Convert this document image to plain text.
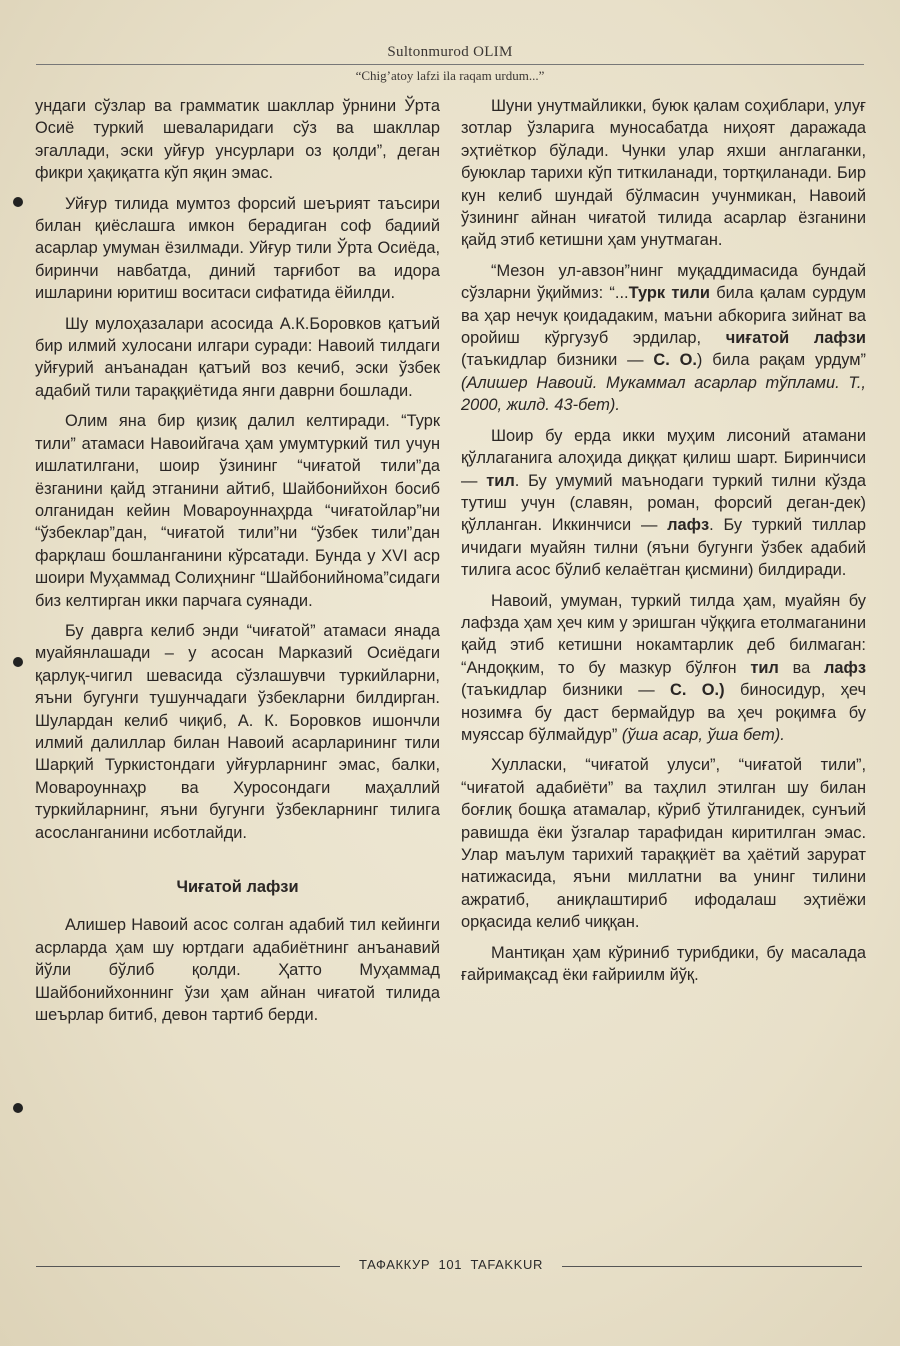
Sultonmurod OLIM
“Chig’atoy lafzi ila raqam urdum...”

ундаги сўзлар ва грамматик шакллар ўрнини Ўрта Осиё туркий шеваларидаги сўз ва шакллар эгаллади, эски уйғур унсурлари оз қолди”, деган фикри ҳақиқатга кўп яқин эмас.

Уйғур тилида мумтоз форсий шеърият таъсири билан қиёслашга имкон берадиган соф бадиий асарлар умуман ёзилмади. Уйғур тили Ўрта Осиёда, биринчи навбатда, диний тарғибот ва идора ишларини юритиш воситаси сифатида ёйилди.

Шу мулоҳазалари асосида А.К.Боровков қатъий бир илмий хулосани илгари суради: Навоий тилдаги уйғурий анъанадан қатъий воз кечиб, эски ўзбек адабий тили тараққиётида янги даврни бошлади.

Олим яна бир қизиқ далил келтиради. “Турк тили” атамаси Навоийгача ҳам умумтуркий тил учун ишлатилгани, шоир ўзининг “чиғатой тили”да ёзганини қайд этганини айтиб, Шайбонийхон босиб олганидан кейин Мовароуннаҳрда “чиғатойлар”ни “ўзбеклар”дан, “чиғатой тили”ни “ўзбек тили”дан фарқлаш бошланганини кўрсатади. Бунда у XVI аср шоири Муҳаммад Солиҳнинг “Шайбонийнома”сидаги биз келтирган икки парчага суянади.

Бу даврга келиб энди “чиғатой” атамаси янада муайянлашади – у асосан Марказий Осиёдаги қарлуқ-чигил шевасида сўзлашувчи туркийларни, яъни бугунги тушунчадаги ўзбекларни билдирган. Шулардан келиб чиқиб, А. К. Боровков ишончли илмий далиллар билан Навоий асарларининг тили Шарқий Туркистондаги уйғурларнинг эмас, балки, Мовароуннаҳр ва Хуросондаги маҳаллий туркийларнинг, яъни бугунги ўзбекларнинг тилига асосланганини исботлайди.

Чиғатой лафзи

Алишер Навоий асос солган адабий тил кейинги асрларда ҳам шу юртдаги адабиётнинг анъанавий йўли бўлиб қолди. Ҳатто Муҳаммад Шайбонийхоннинг ўзи ҳам айнан чиғатой тилида шеърлар битиб, девон тартиб берди.

Шуни унутмайликки, буюк қалам соҳиблари, улуғ зотлар ўзларига муносабатда ниҳоят даражада эҳтиёткор бўлади. Чунки улар яхши англаганки, буюклар тарихи кўп титкиланади, тортқиланади. Бир кун келиб шундай бўлмасин учунмикан, Навоий ўзининг айнан чиғатой тилида асарлар ёзганини қайд этиб кетишни ҳам унутмаган.

“Мезон ул-авзон”нинг муқаддимасида бундай сўзларни ўқиймиз: “...Турк тили била қалам сурдум ва ҳар нечук қоидадаким, маъни абкорига зийнат ва оройиш кўргузуб эрдилар, чиғатой лафзи (таъкидлар бизники — С. О.) била рақам урдум” (Алишер Навоий. Мукаммал асарлар тўплами. Т., 2000, жилд. 43-бет).

Шоир бу ерда икки муҳим лисоний атамани қўллаганига алоҳида диққат қилиш шарт. Биринчиси — тил. Бу умумий маънодаги туркий тилни кўзда тутиш учун (славян, роман, форсий деган-дек) қўлланган. Иккинчиси — лафз. Бу туркий тиллар ичидаги муайян тилни (яъни бугунги ўзбек адабий тилига асос бўлиб келаётган қисмини) билдиради.

Навоий, умуман, туркий тилда ҳам, муайян бу лафзда ҳам ҳеч ким у эришган чўққига етолмаганини қайд этиб кетишни нокамтарлик деб билмаган: “Андоқким, то бу мазкур бўлғон тил ва лафз (таъкидлар бизники — С. О.) биносидур, ҳеч нозимға бу даст бермайдур ва ҳеч роқимға бу муяссар бўлмайдур” (ўша асар, ўша бет).

Хулласки, “чиғатой улуси”, “чиғатой тили”, “чиғатой адабиёти” ва таҳлил этилган шу билан боғлиқ бошқа атамалар, кўриб ўтилганидек, сунъий равишда ёки ўзгалар тарафидан киритилган эмас. Улар маълум тарихий тараққиёт ва ҳаётий зарурат натижасида, яъни миллатни ва унинг тилини ажратиб, аниқлаштириб ифодалаш эҳтиёжи орқасида келиб чиққан.

Мантиқан ҳам кўриниб турибдики, бу масалада ғайримақсад ёки ғайриилм йўқ.

ТАФАККУР 101 TAFAKKUR
